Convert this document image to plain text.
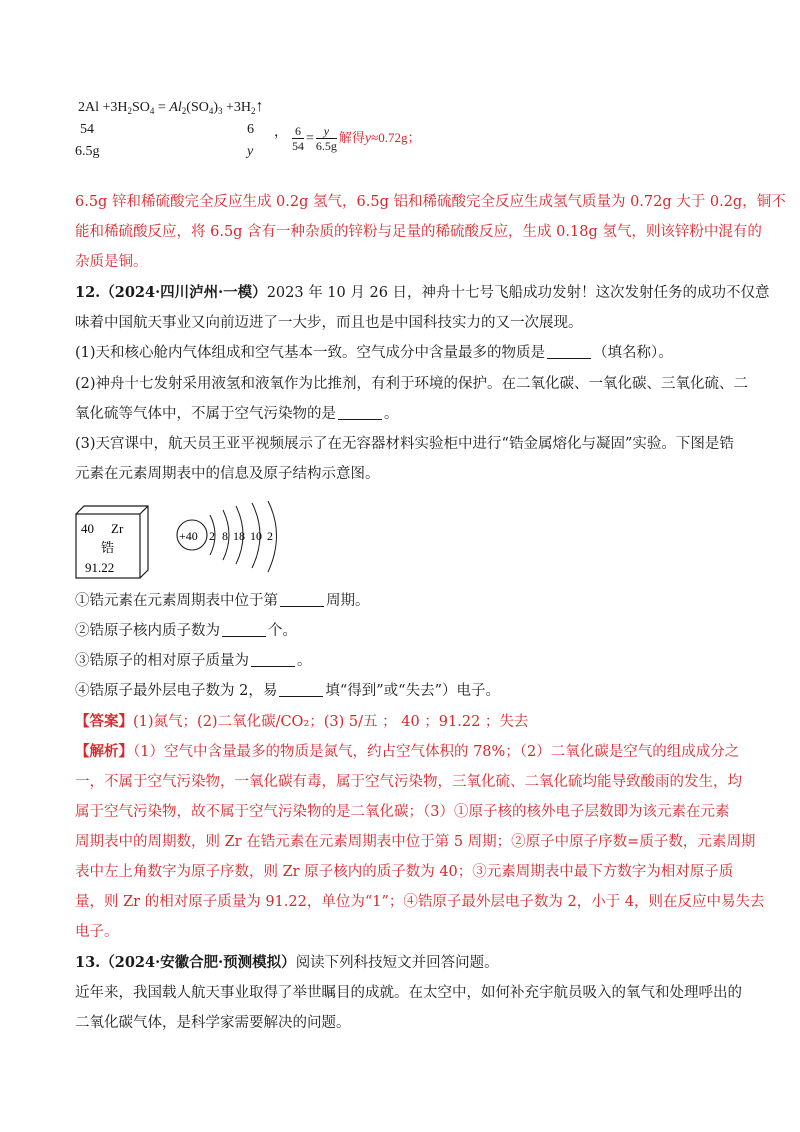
$2Al +3H_2SO_4 = Al_2(SO_4)_3$ $+3H_2↑$
54	6
6.5g	y
， $\frac{6}{54} = \frac{y}{6.5g}$ 解得y≈0.72g；
6.5g 锌和稀硫酸完全反应生成 0.2g 氢气，6.5g 铝和稀硫酸完全反应生成氢气质量为 0.72g 大于 0.2g，铜不
能和稀硫酸反应，将 6.5g 含有一种杂质的锌粉与足量的稀硫酸反应，生成 0.18g 氢气，则该锌粉中混有的
杂质是铜。
12.（2024·四川泸州·一模）2023 年 10 月 26 日，神舟十七号飞船成功发射！这次发射任务的成功不仅意
味着中国航天事业又向前迈进了一大步，而且也是中国科技实力的又一次展现。
(1)天和核心舱内气体组成和空气基本一致。空气成分中含量最多的物质是	（填名称）。
(2)神舟十七发射采用液氢和液氧作为比推剂，有利于环境的保护。在二氧化碳、一氧化碳、三氧化硫、二
氧化硫等气体中，不属于空气污染物的是	。
(3)天宫课中，航天员王亚平视频展示了在无容器材料实验柜中进行“锆金属熔化与凝固”实验。下图是锆
元素在元素周期表中的信息及原子结构示意图。
40 Zr
锆
91.22
+40 2 8 18 10 2
①锆元素在元素周期表中位于第	周期。
②锆原子核内质子数为	个。
③锆原子的相对原子质量为	。
④锆原子最外层电子数为 2，易	填“得到”或“失去”）电子。
【答案】(1)氮气；(2)二氧化碳/CO₂；(3) 5/五 ； 40 ；91.22 ；失去
【解析】（1）空气中含量最多的物质是氮气，约占空气体积的 78%；（2）二氧化碳是空气的组成成分之
一，不属于空气污染物，一氧化碳有毒，属于空气污染物，三氧化硫、二氧化硫均能导致酸雨的发生，均
属于空气污染物，故不属于空气污染物的是二氧化碳；（3）①原子核的核外电子层数即为该元素在元素
周期表中的周期数，则 Zr 在锆元素在元素周期表中位于第 5 周期；②原子中原子序数=质子数，元素周期
表中左上角数字为原子序数，则 Zr 原子核内的质子数为 40；③元素周期表中最下方数字为相对原子质
量，则 Zr 的相对原子质量为 91.22，单位为“1”；④锆原子最外层电子数为 2，小于 4，则在反应中易失去
电子。
13.（2024·安徽合肥·预测模拟）阅读下列科技短文并回答问题。
近年来，我国载人航天事业取得了举世瞩目的成就。在太空中，如何补充宇航员吸入的氧气和处理呼出的
二氧化碳气体，是科学家需要解决的问题。
